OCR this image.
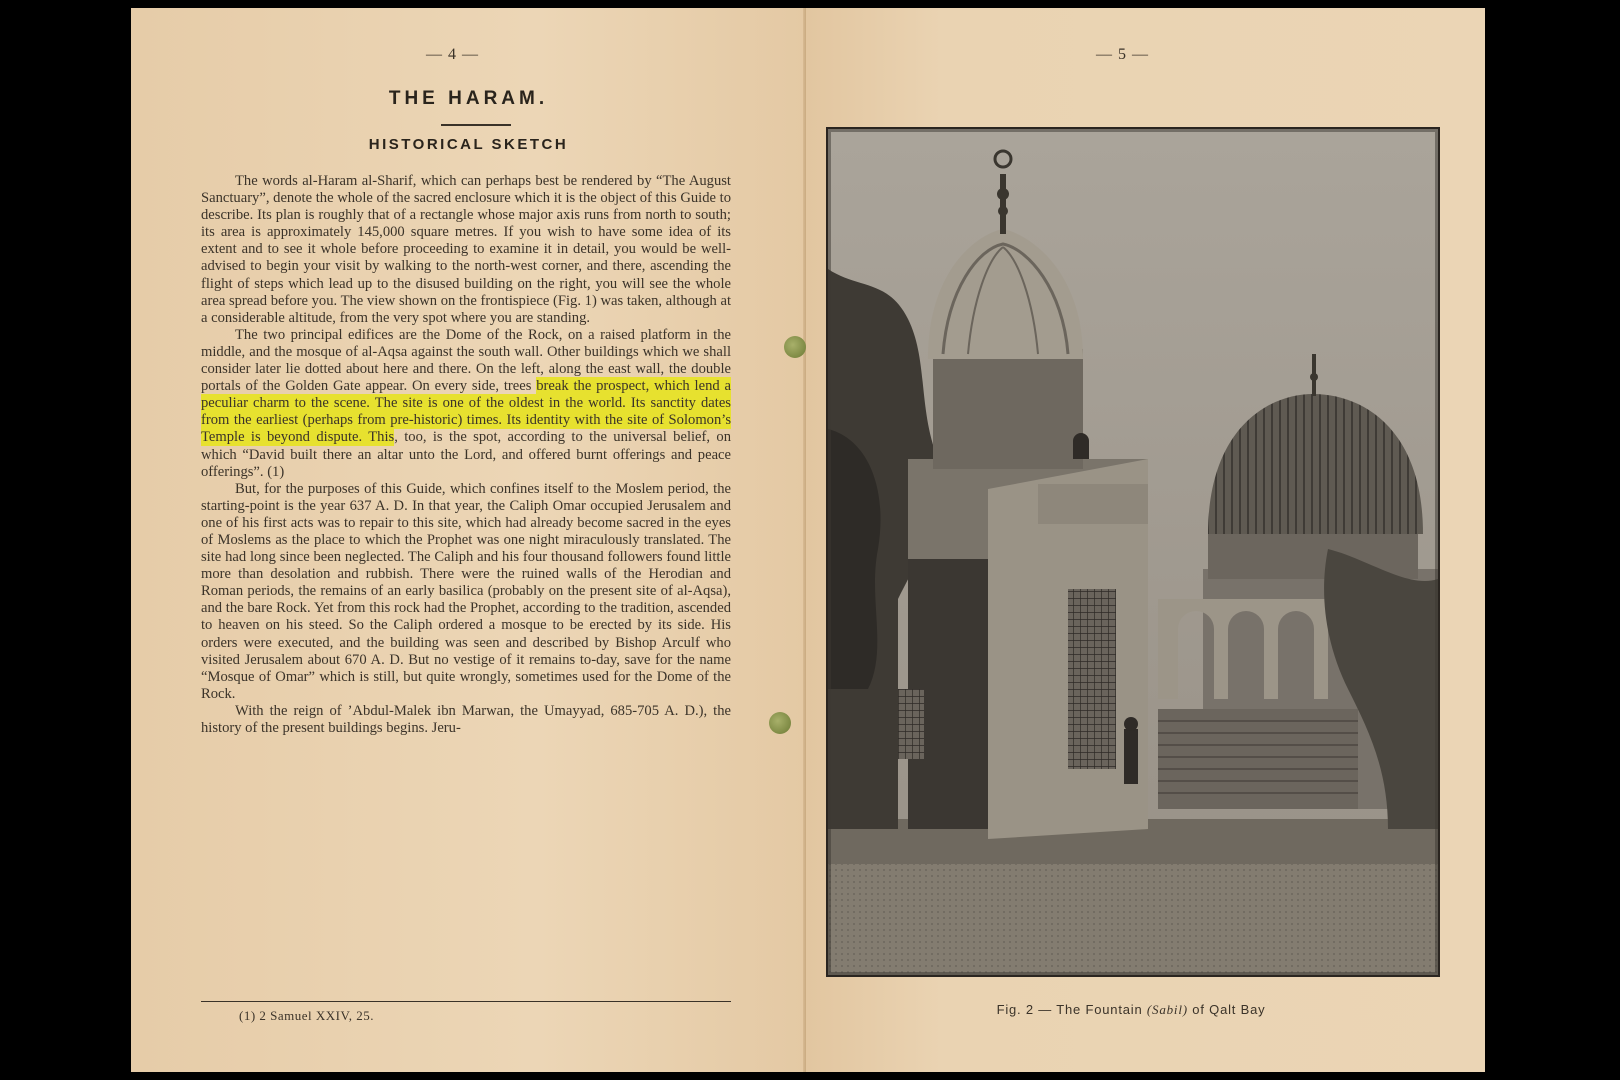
— 4 —
THE HARAM.
HISTORICAL SKETCH

The words al-Haram al-Sharif, which can perhaps best be rendered by “The August Sanctuary”, denote the whole of the sacred enclosure which it is the object of this Guide to describe. Its plan is roughly that of a rectangle whose major axis runs from north to south; its area is approximately 145,000 square metres. If you wish to have some idea of its extent and to see it whole before proceeding to examine it in detail, you would be well-advised to begin your visit by walking to the north-west corner, and there, ascending the flight of steps which lead up to the disused building on the right, you will see the whole area spread before you. The view shown on the frontispiece (Fig. 1) was taken, although at a considerable altitude, from the very spot where you are standing.

The two principal edifices are the Dome of the Rock, on a raised platform in the middle, and the mosque of al-Aqsa against the south wall. Other buildings which we shall consider later lie dotted about here and there. On the left, along the east wall, the double portals of the Golden Gate appear. On every side, trees break the prospect, which lend a peculiar charm to the scene. The site is one of the oldest in the world. Its sanctity dates from the earliest (perhaps from pre-historic) times. Its identity with the site of Solomon’s Temple is beyond dispute. This, too, is the spot, according to the universal belief, on which “David built there an altar unto the Lord, and offered burnt offerings and peace offerings”. (1)

But, for the purposes of this Guide, which confines itself to the Moslem period, the starting-point is the year 637 A. D. In that year, the Caliph Omar occupied Jerusalem and one of his first acts was to repair to this site, which had already become sacred in the eyes of Moslems as the place to which the Prophet was one night miraculously translated. The site had long since been neglected. The Caliph and his four thousand followers found little more than desolation and rubbish. There were the ruined walls of the Herodian and Roman periods, the remains of an early basilica (probably on the present site of al-Aqsa), and the bare Rock. Yet from this rock had the Prophet, according to the tradition, ascended to heaven on his steed. So the Caliph ordered a mosque to be erected by its side. His orders were executed, and the building was seen and described by Bishop Arculf who visited Jerusalem about 670 A. D. But no vestige of it remains to-day, save for the name “Mosque of Omar” which is still, but quite wrongly, sometimes used for the Dome of the Rock.

With the reign of ’Abdul-Malek ibn Marwan, the Umayyad, 685-705 A. D.), the history of the present buildings begins. Jeru-

(1) 2 Samuel XXIV, 25.
— 5 —
Fig. 2 — The Fountain (Sabil) of Qalt Bay
